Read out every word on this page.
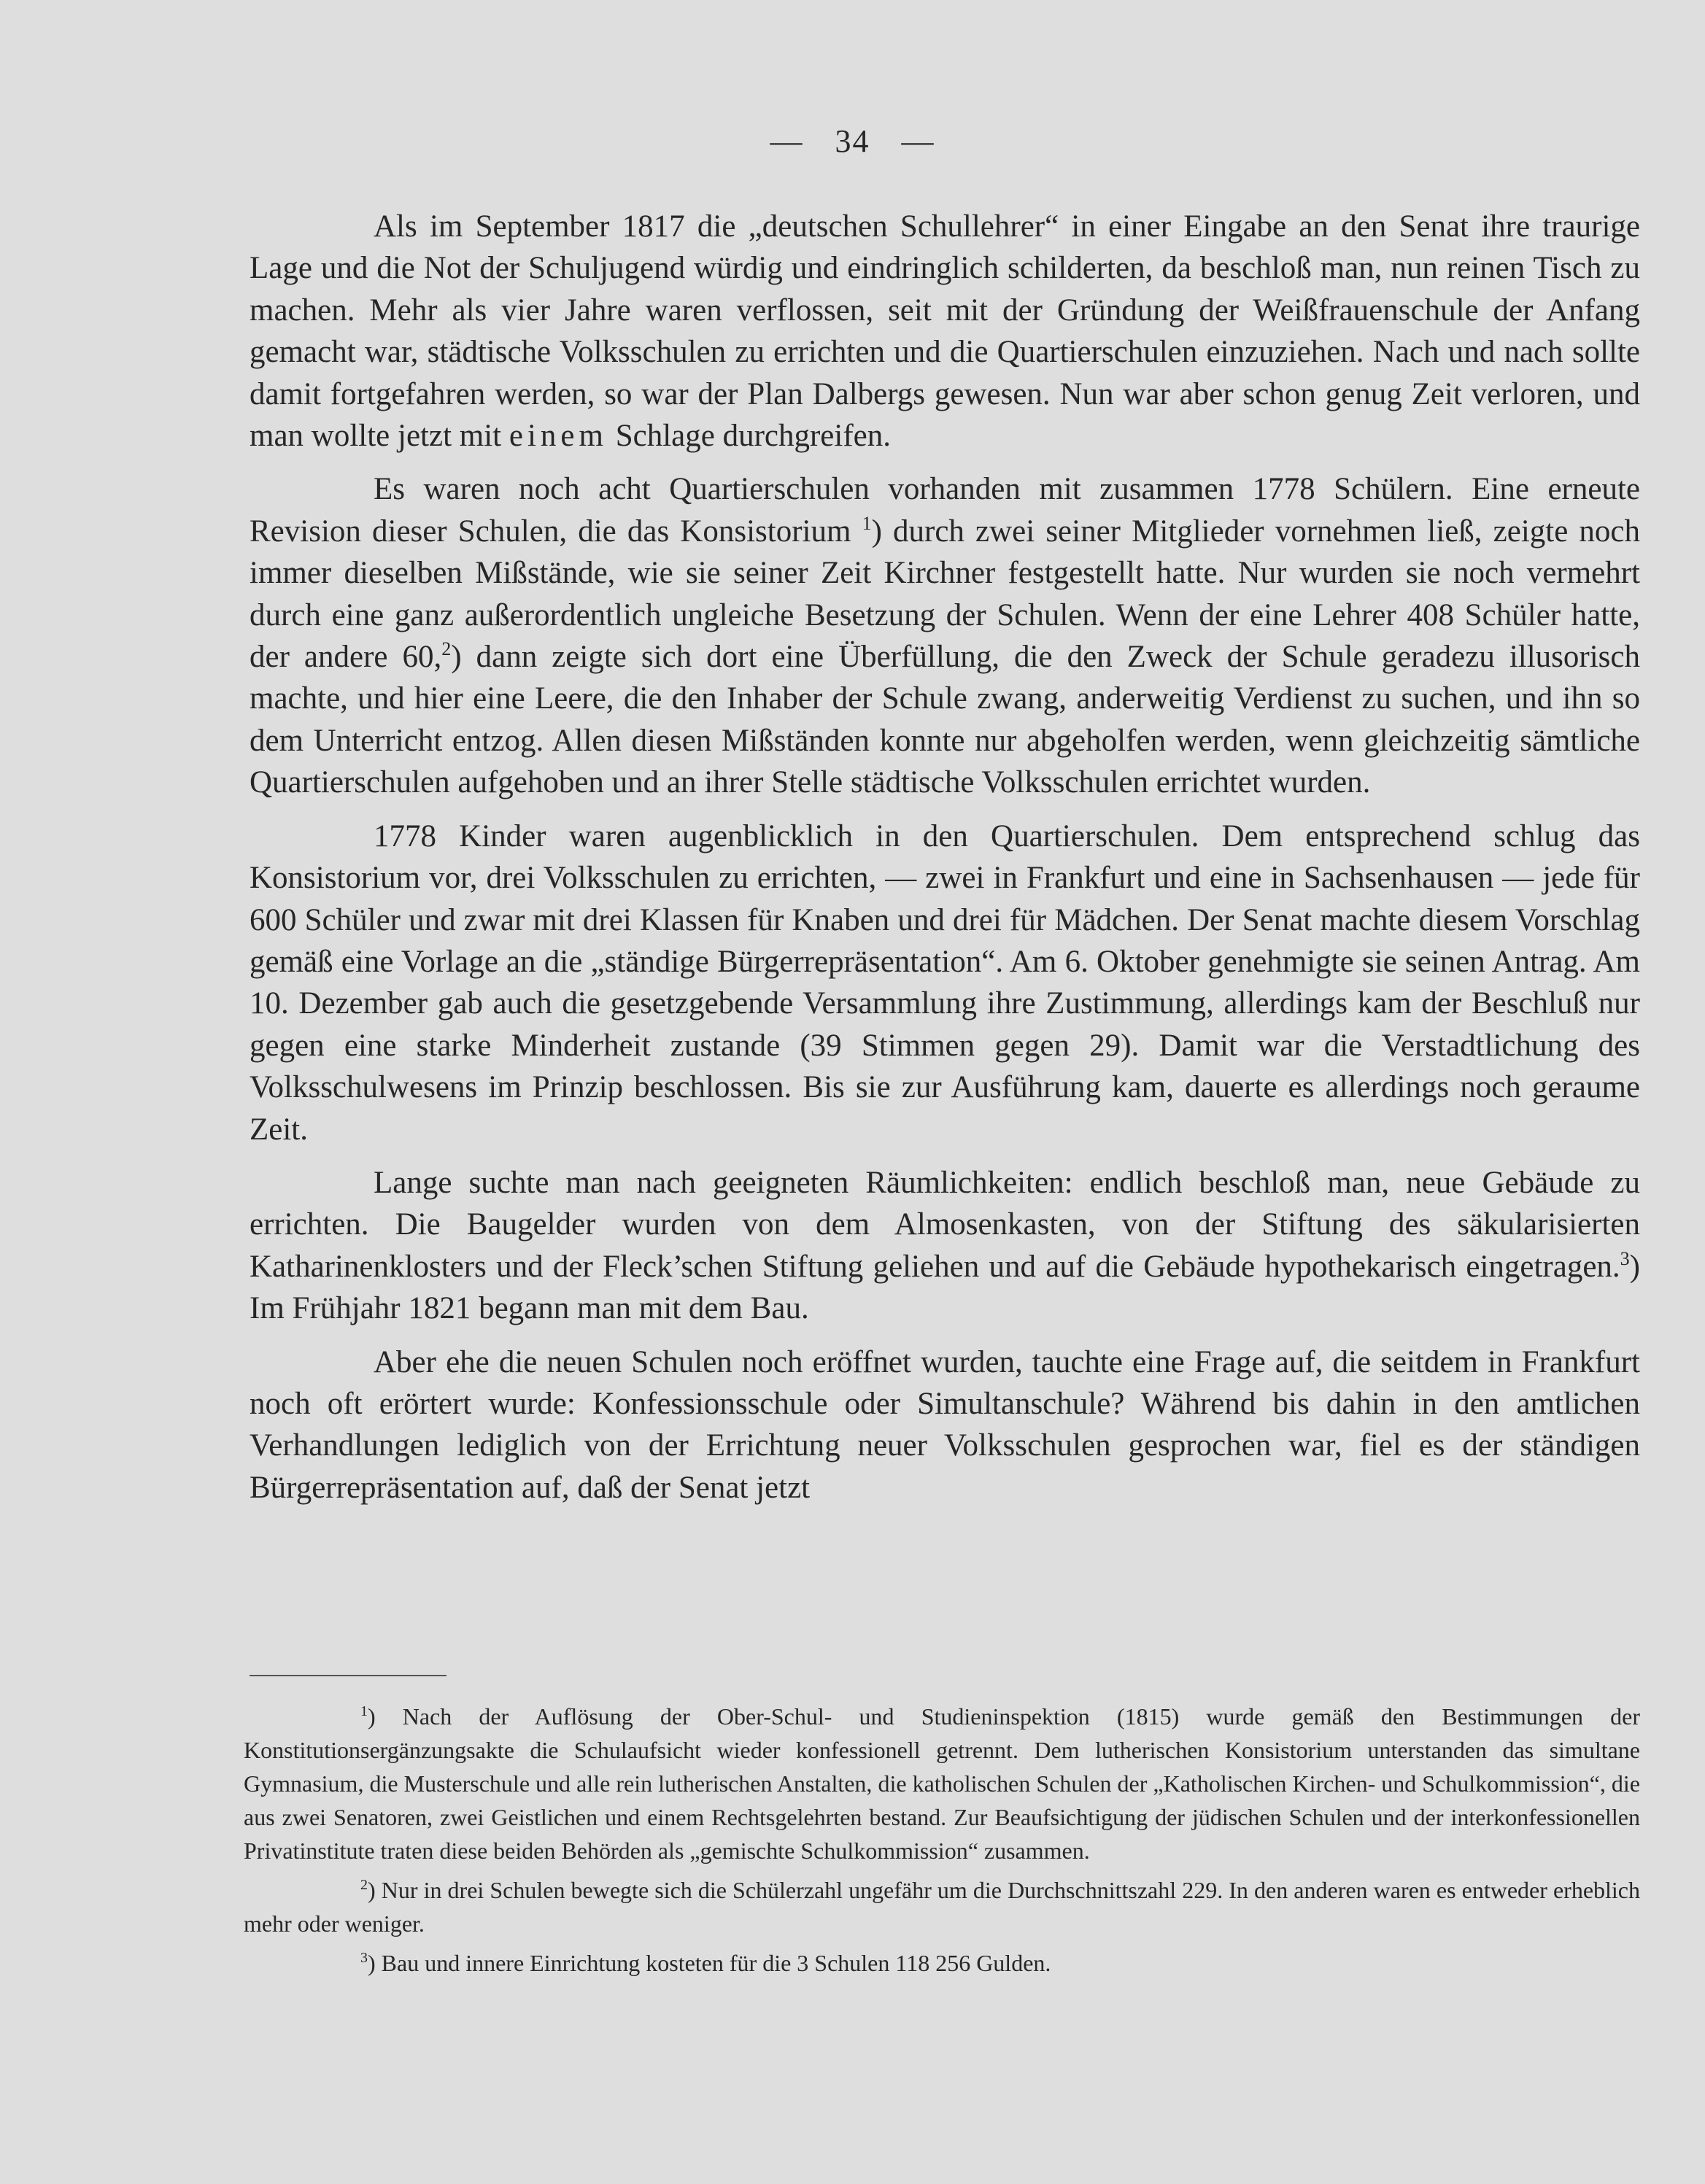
— 34 —

Als im September 1817 die „deutschen Schullehrer“ in einer Eingabe an den Senat ihre traurige Lage und die Not der Schuljugend würdig und eindringlich schilderten, da beschloß man, nun reinen Tisch zu machen. Mehr als vier Jahre waren verflossen, seit mit der Gründung der Weißfrauenschule der Anfang gemacht war, städtische Volksschulen zu errichten und die Quartierschulen einzuziehen. Nach und nach sollte damit fortgefahren werden, so war der Plan Dalbergs gewesen. Nun war aber schon genug Zeit verloren, und man wollte jetzt mit einem Schlage durchgreifen.

Es waren noch acht Quartierschulen vorhanden mit zusammen 1778 Schülern. Eine erneute Revision dieser Schulen, die das Konsistorium $^1$) durch zwei seiner Mitglieder vornehmen ließ, zeigte noch immer dieselben Mißstände, wie sie seiner Zeit Kirchner festgestellt hatte. Nur wurden sie noch vermehrt durch eine ganz außerordentlich ungleiche Besetzung der Schulen. Wenn der eine Lehrer 408 Schüler hatte, der andere 60,$^2$) dann zeigte sich dort eine Überfüllung, die den Zweck der Schule geradezu illusorisch machte, und hier eine Leere, die den Inhaber der Schule zwang, anderweitig Verdienst zu suchen, und ihn so dem Unterricht entzog. Allen diesen Mißständen konnte nur abgeholfen werden, wenn gleichzeitig sämtliche Quartierschulen aufgehoben und an ihrer Stelle städtische Volksschulen errichtet wurden.

1778 Kinder waren augenblicklich in den Quartierschulen. Dem entsprechend schlug das Konsistorium vor, drei Volksschulen zu errichten, — zwei in Frankfurt und eine in Sachsenhausen — jede für 600 Schüler und zwar mit drei Klassen für Knaben und drei für Mädchen. Der Senat machte diesem Vorschlag gemäß eine Vorlage an die „ständige Bürgerrepräsentation“. Am 6. Oktober genehmigte sie seinen Antrag. Am 10. Dezember gab auch die gesetzgebende Versammlung ihre Zustimmung, allerdings kam der Beschluß nur gegen eine starke Minderheit zustande (39 Stimmen gegen 29). Damit war die Verstadtlichung des Volksschulwesens im Prinzip beschlossen. Bis sie zur Ausführung kam, dauerte es allerdings noch geraume Zeit.

Lange suchte man nach geeigneten Räumlichkeiten: endlich beschloß man, neue Gebäude zu errichten. Die Baugelder wurden von dem Almosenkasten, von der Stiftung des säkularisierten Katharinenklosters und der Fleck’schen Stiftung geliehen und auf die Gebäude hypothekarisch eingetragen.$^3$) Im Frühjahr 1821 begann man mit dem Bau.

Aber ehe die neuen Schulen noch eröffnet wurden, tauchte eine Frage auf, die seitdem in Frankfurt noch oft erörtert wurde: Konfessionsschule oder Simultanschule? Während bis dahin in den amtlichen Verhandlungen lediglich von der Errichtung neuer Volksschulen gesprochen war, fiel es der ständigen Bürgerrepräsentation auf, daß der Senat jetzt

$^1$) Nach der Auflösung der Ober-Schul- und Studieninspektion (1815) wurde gemäß den Bestimmungen der Konstitutionsergänzungsakte die Schulaufsicht wieder konfessionell getrennt. Dem lutherischen Konsistorium unterstanden das simultane Gymnasium, die Musterschule und alle rein lutherischen Anstalten, die katholischen Schulen der „Katholischen Kirchen- und Schulkommission“, die aus zwei Senatoren, zwei Geistlichen und einem Rechtsgelehrten bestand. Zur Beaufsichtigung der jüdischen Schulen und der interkonfessionellen Privatinstitute traten diese beiden Behörden als „gemischte Schulkommission“ zusammen.

$^2$) Nur in drei Schulen bewegte sich die Schülerzahl ungefähr um die Durchschnittszahl 229. In den anderen waren es entweder erheblich mehr oder weniger.

$^3$) Bau und innere Einrichtung kosteten für die 3 Schulen 118 256 Gulden.
